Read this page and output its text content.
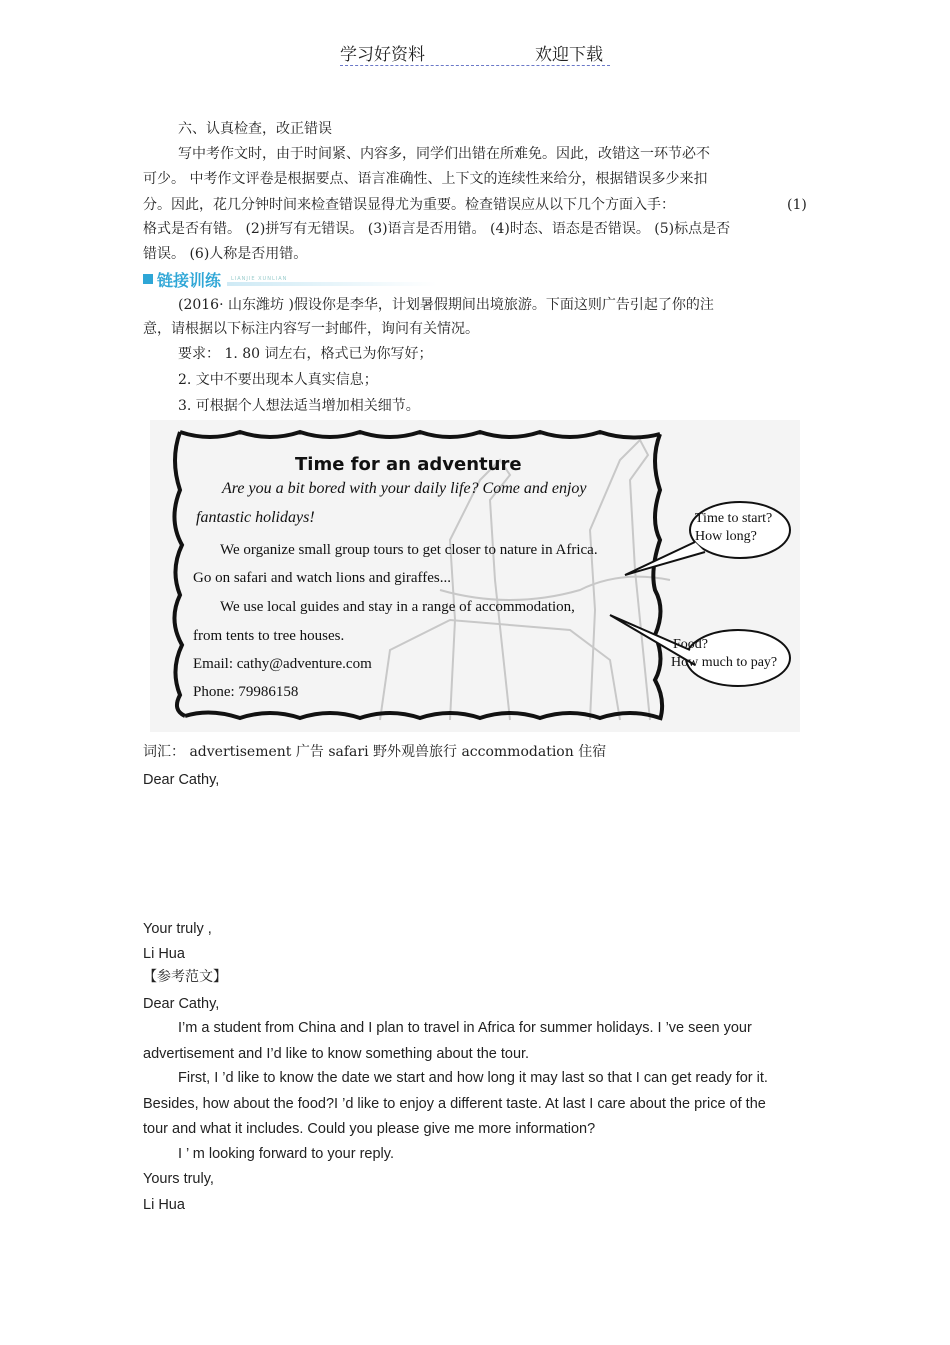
学习好资料	欢迎下载
六、认真检查，改正错误
写中考作文时，由于时间紧、内容多，同学们出错在所难免。因此，改错这一环节必不
可少。 中考作文评卷是根据要点、语言准确性、上下文的连续性来给分，根据错误多少来扣
分。因此，花几分钟时间来检查错误显得尤为重要。检查错误应从以下几个方面入手：	(1)
格式是否有错。 (2)拼写有无错误。 (3)语言是否用错。 (4)时态、语态是否错误。 (5)标点是否
错误。 (6)人称是否用错。
链接训练 LIANJIE XUNLIAN
(2016· 山东潍坊 )假设你是李华，计划暑假期间出境旅游。下面这则广告引起了你的注
意，请根据以下标注内容写一封邮件，询问有关情况。
要求： 1. 80 词左右，格式已为你写好；
2. 文中不要出现本人真实信息；
3. 可根据个人想法适当增加相关细节。
Time for an adventure
Are you a bit bored with your daily life? Come and enjoy
fantastic holidays!
We organize small group tours to get closer to nature in Africa.
Go on safari and watch lions and giraffes...
We use local guides and stay in a range of accommodation,
from tents to tree houses.
Email: cathy@adventure.com
Phone: 79986158
Time to start?
How long?
Food?
How much to pay?
词汇： advertisement 广告 safari 野外观兽旅行 accommodation 住宿
Dear Cathy,
Your truly ,
Li Hua
【参考范文】
Dear Cathy,
I’m a student from China and I plan to travel in Africa for summer holidays. I ’ve seen your
advertisement and I’d like to know something about the tour.
First, I ’d like to know the date we start and how long it may last so that I can get ready for it.
Besides, how about the food?I ’d like to enjoy a different taste. At last I care about the price of the
tour and what it includes. Could you please give me more information?
I ’ m looking forward to your reply.
Yours truly,
Li Hua
